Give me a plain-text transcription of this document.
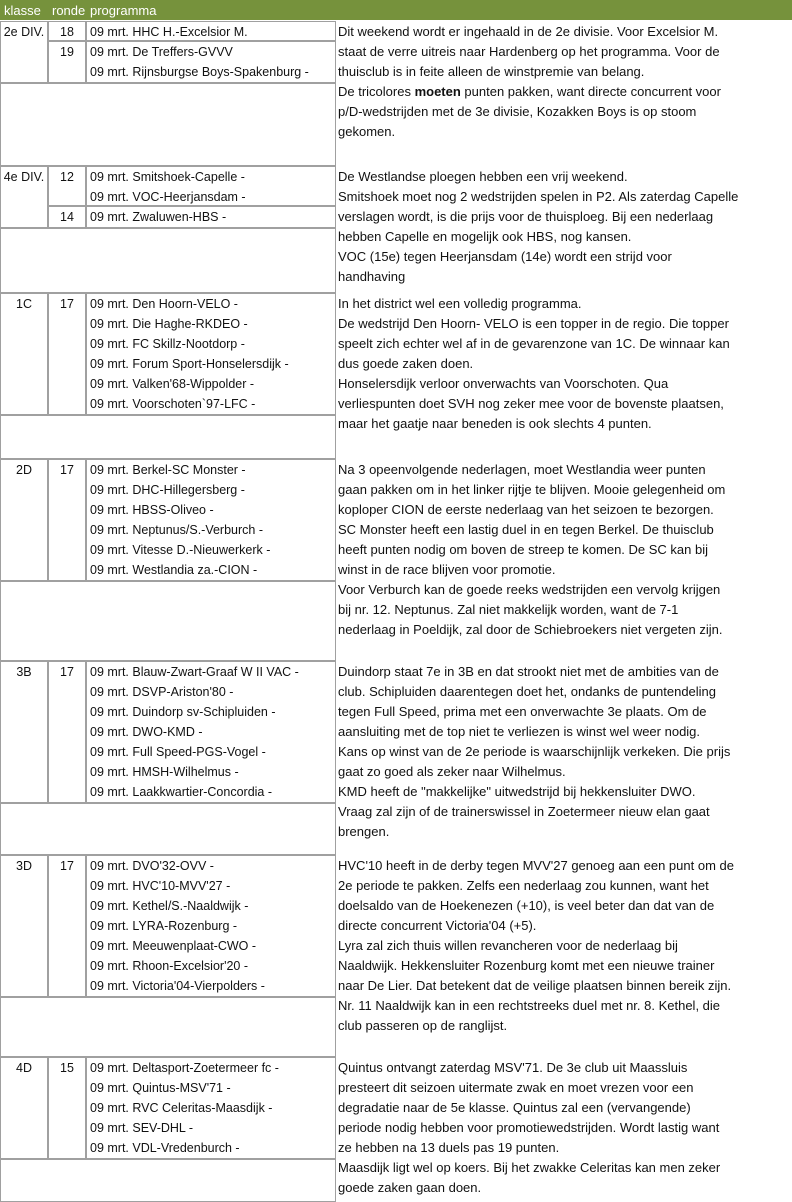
klasse ronde programma
2e DIV.	18	09 mrt. HHC H.-Excelsior M.
19	09 mrt. De Treffers-GVVV
09 mrt. Rijnsburgse Boys-Spakenburg -
Dit weekend wordt er ingehaald in de 2e divisie. Voor Excelsior M.
staat de verre uitreis naar Hardenberg op het programma. Voor de
thuisclub is in feite alleen de winstpremie van belang.
De tricolores moeten punten pakken, want directe concurrent voor
p/D-wedstrijden met de 3e divisie, Kozakken Boys is op stoom
gekomen.
4e DIV.	12	09 mrt. Smitshoek-Capelle -
09 mrt. VOC-Heerjansdam -
14	09 mrt. Zwaluwen-HBS -
De Westlandse ploegen hebben een vrij weekend.
Smitshoek moet nog 2 wedstrijden spelen in P2. Als zaterdag Capelle
verslagen wordt, is die prijs voor de thuisploeg. Bij een nederlaag
hebben Capelle en mogelijk ook HBS, nog kansen.
VOC (15e) tegen Heerjansdam (14e) wordt een strijd voor
handhaving
1C	17	09 mrt. Den Hoorn-VELO -
09 mrt. Die Haghe-RKDEO -
09 mrt. FC Skillz-Nootdorp -
09 mrt. Forum Sport-Honselersdijk -
09 mrt. Valken'68-Wippolder -
09 mrt. Voorschoten`97-LFC -
In het district wel een volledig programma.
De wedstrijd Den Hoorn- VELO is een topper in de regio. Die topper
speelt zich echter wel af in de gevarenzone van 1C. De winnaar kan
dus goede zaken doen.
Honselersdijk verloor onverwachts van Voorschoten. Qua
verliespunten doet SVH nog zeker mee voor de bovenste plaatsen,
maar het gaatje naar beneden is ook slechts 4 punten.
2D	17	09 mrt. Berkel-SC Monster -
09 mrt. DHC-Hillegersberg -
09 mrt. HBSS-Oliveo -
09 mrt. Neptunus/S.-Verburch -
09 mrt. Vitesse D.-Nieuwerkerk -
09 mrt. Westlandia za.-CION -
Na 3 opeenvolgende nederlagen, moet Westlandia weer punten
gaan pakken om in het linker rijtje te blijven. Mooie gelegenheid om
koploper CION de eerste nederlaag van het seizoen te bezorgen.
SC Monster heeft een lastig duel in en tegen Berkel. De thuisclub
heeft punten nodig om boven de streep te komen. De SC kan bij
winst in de race blijven voor promotie.
Voor Verburch kan de goede reeks wedstrijden een vervolg krijgen
bij nr. 12. Neptunus. Zal niet makkelijk worden, want de 7-1
nederlaag in Poeldijk, zal door de Schiebroekers niet vergeten zijn.
3B	17	09 mrt. Blauw-Zwart-Graaf W II VAC -
09 mrt. DSVP-Ariston'80 -
09 mrt. Duindorp sv-Schipluiden -
09 mrt. DWO-KMD -
09 mrt. Full Speed-PGS-Vogel -
09 mrt. HMSH-Wilhelmus -
09 mrt. Laakkwartier-Concordia -
Duindorp staat 7e in 3B en dat strookt niet met de ambities van de
club. Schipluiden daarentegen doet het, ondanks de puntendeling
tegen Full Speed, prima met een onverwachte 3e plaats. Om de
aansluiting met de top niet te verliezen is winst wel weer nodig.
Kans op winst van de 2e periode is waarschijnlijk verkeken. Die prijs
gaat zo goed als zeker naar Wilhelmus.
KMD heeft de "makkelijke" uitwedstrijd bij hekkensluiter DWO.
Vraag zal zijn of de trainerswissel in Zoetermeer nieuw elan gaat
brengen.
3D	17	09 mrt. DVO'32-OVV -
09 mrt. HVC'10-MVV'27 -
09 mrt. Kethel/S.-Naaldwijk -
09 mrt. LYRA-Rozenburg -
09 mrt. Meeuwenplaat-CWO -
09 mrt. Rhoon-Excelsior'20 -
09 mrt. Victoria'04-Vierpolders -
HVC'10 heeft in de derby tegen MVV'27 genoeg aan een punt om de
2e periode te pakken. Zelfs een nederlaag zou kunnen, want het
doelsaldo van de Hoekenezen (+10), is veel beter dan dat van de
directe concurrent Victoria'04 (+5).
Lyra zal zich thuis willen revancheren voor de nederlaag bij
Naaldwijk. Hekkensluiter Rozenburg komt met een nieuwe trainer
naar De Lier. Dat betekent dat de veilige plaatsen binnen bereik zijn.
Nr. 11 Naaldwijk kan in een rechtstreeks duel met nr. 8. Kethel, die
club passeren op de ranglijst.
4D	15	09 mrt. Deltasport-Zoetermeer fc -
09 mrt. Quintus-MSV'71 -
09 mrt. RVC Celeritas-Maasdijk -
09 mrt. SEV-DHL -
09 mrt. VDL-Vredenburch -
Quintus ontvangt zaterdag MSV'71. De 3e club uit Maassluis
presteert dit seizoen uitermate zwak en moet vrezen voor een
degradatie naar de 5e klasse. Quintus zal een (vervangende)
periode nodig hebben voor promotiewedstrijden. Wordt lastig want
ze hebben na 13 duels pas 19 punten.
Maasdijk ligt wel op koers. Bij het zwakke Celeritas kan men zeker
goede zaken gaan doen.
